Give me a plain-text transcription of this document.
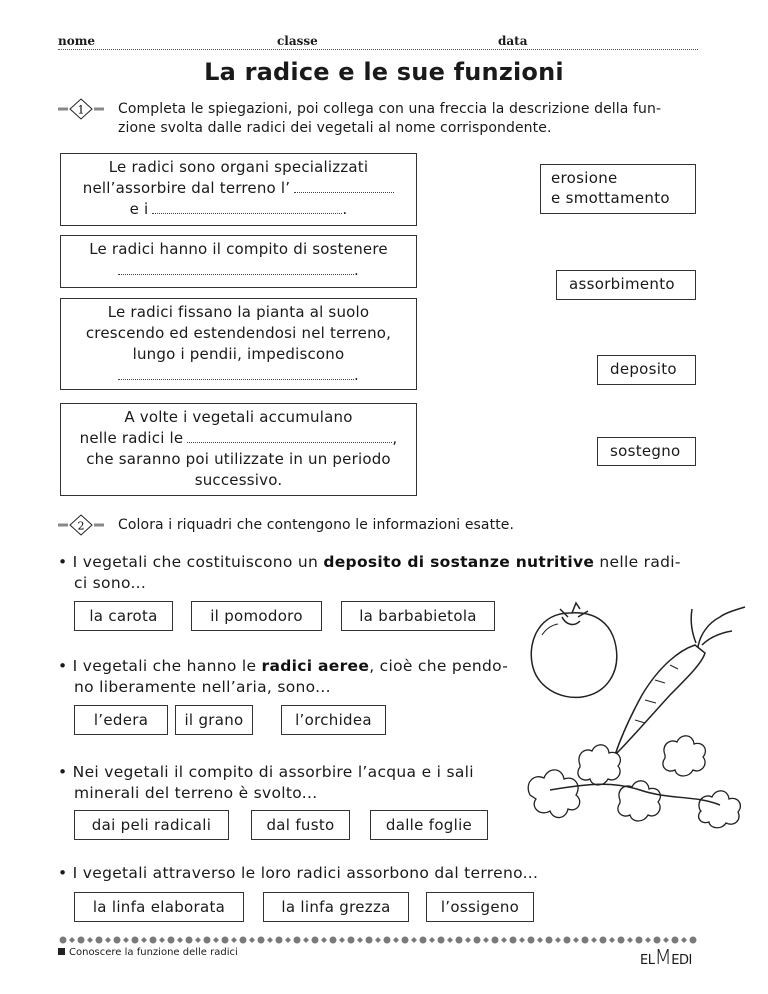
nome	classe	data
La radice e le sue funzioni
1 Completa le spiegazioni, poi collega con una freccia la descrizione della fun-
zione svolta dalle radici dei vegetali al nome corrispondente.
Le radici sono organi specializzati
nell’assorbire dal terreno l’
e i	.
Le radici hanno il compito di sostenere
.
Le radici fissano la pianta al suolo
crescendo ed estendendosi nel terreno,
lungo i pendii, impediscono
.
A volte i vegetali accumulano
nelle radici le	,
che saranno poi utilizzate in un periodo
successivo.
erosione
e smottamento
assorbimento
deposito
sostegno
2 Colora i riquadri che contengono le informazioni esatte.
• I vegetali che costituiscono un deposito di sostanze nutritive nelle radi-
ci sono...
la carota	il pomodoro	la barbabietola
• I vegetali che hanno le radici aeree, cioè che pendo-
no liberamente nell’aria, sono...
l’edera	il grano	l’orchidea
• Nei vegetali il compito di assorbire l’acqua e i sali
minerali del terreno è svolto...
dai peli radicali	dal fusto	dalle foglie
• I vegetali attraverso le loro radici assorbono dal terreno...
la linfa elaborata	la linfa grezza	l’ossigeno
Conoscere la funzione delle radici
ELMEDI
